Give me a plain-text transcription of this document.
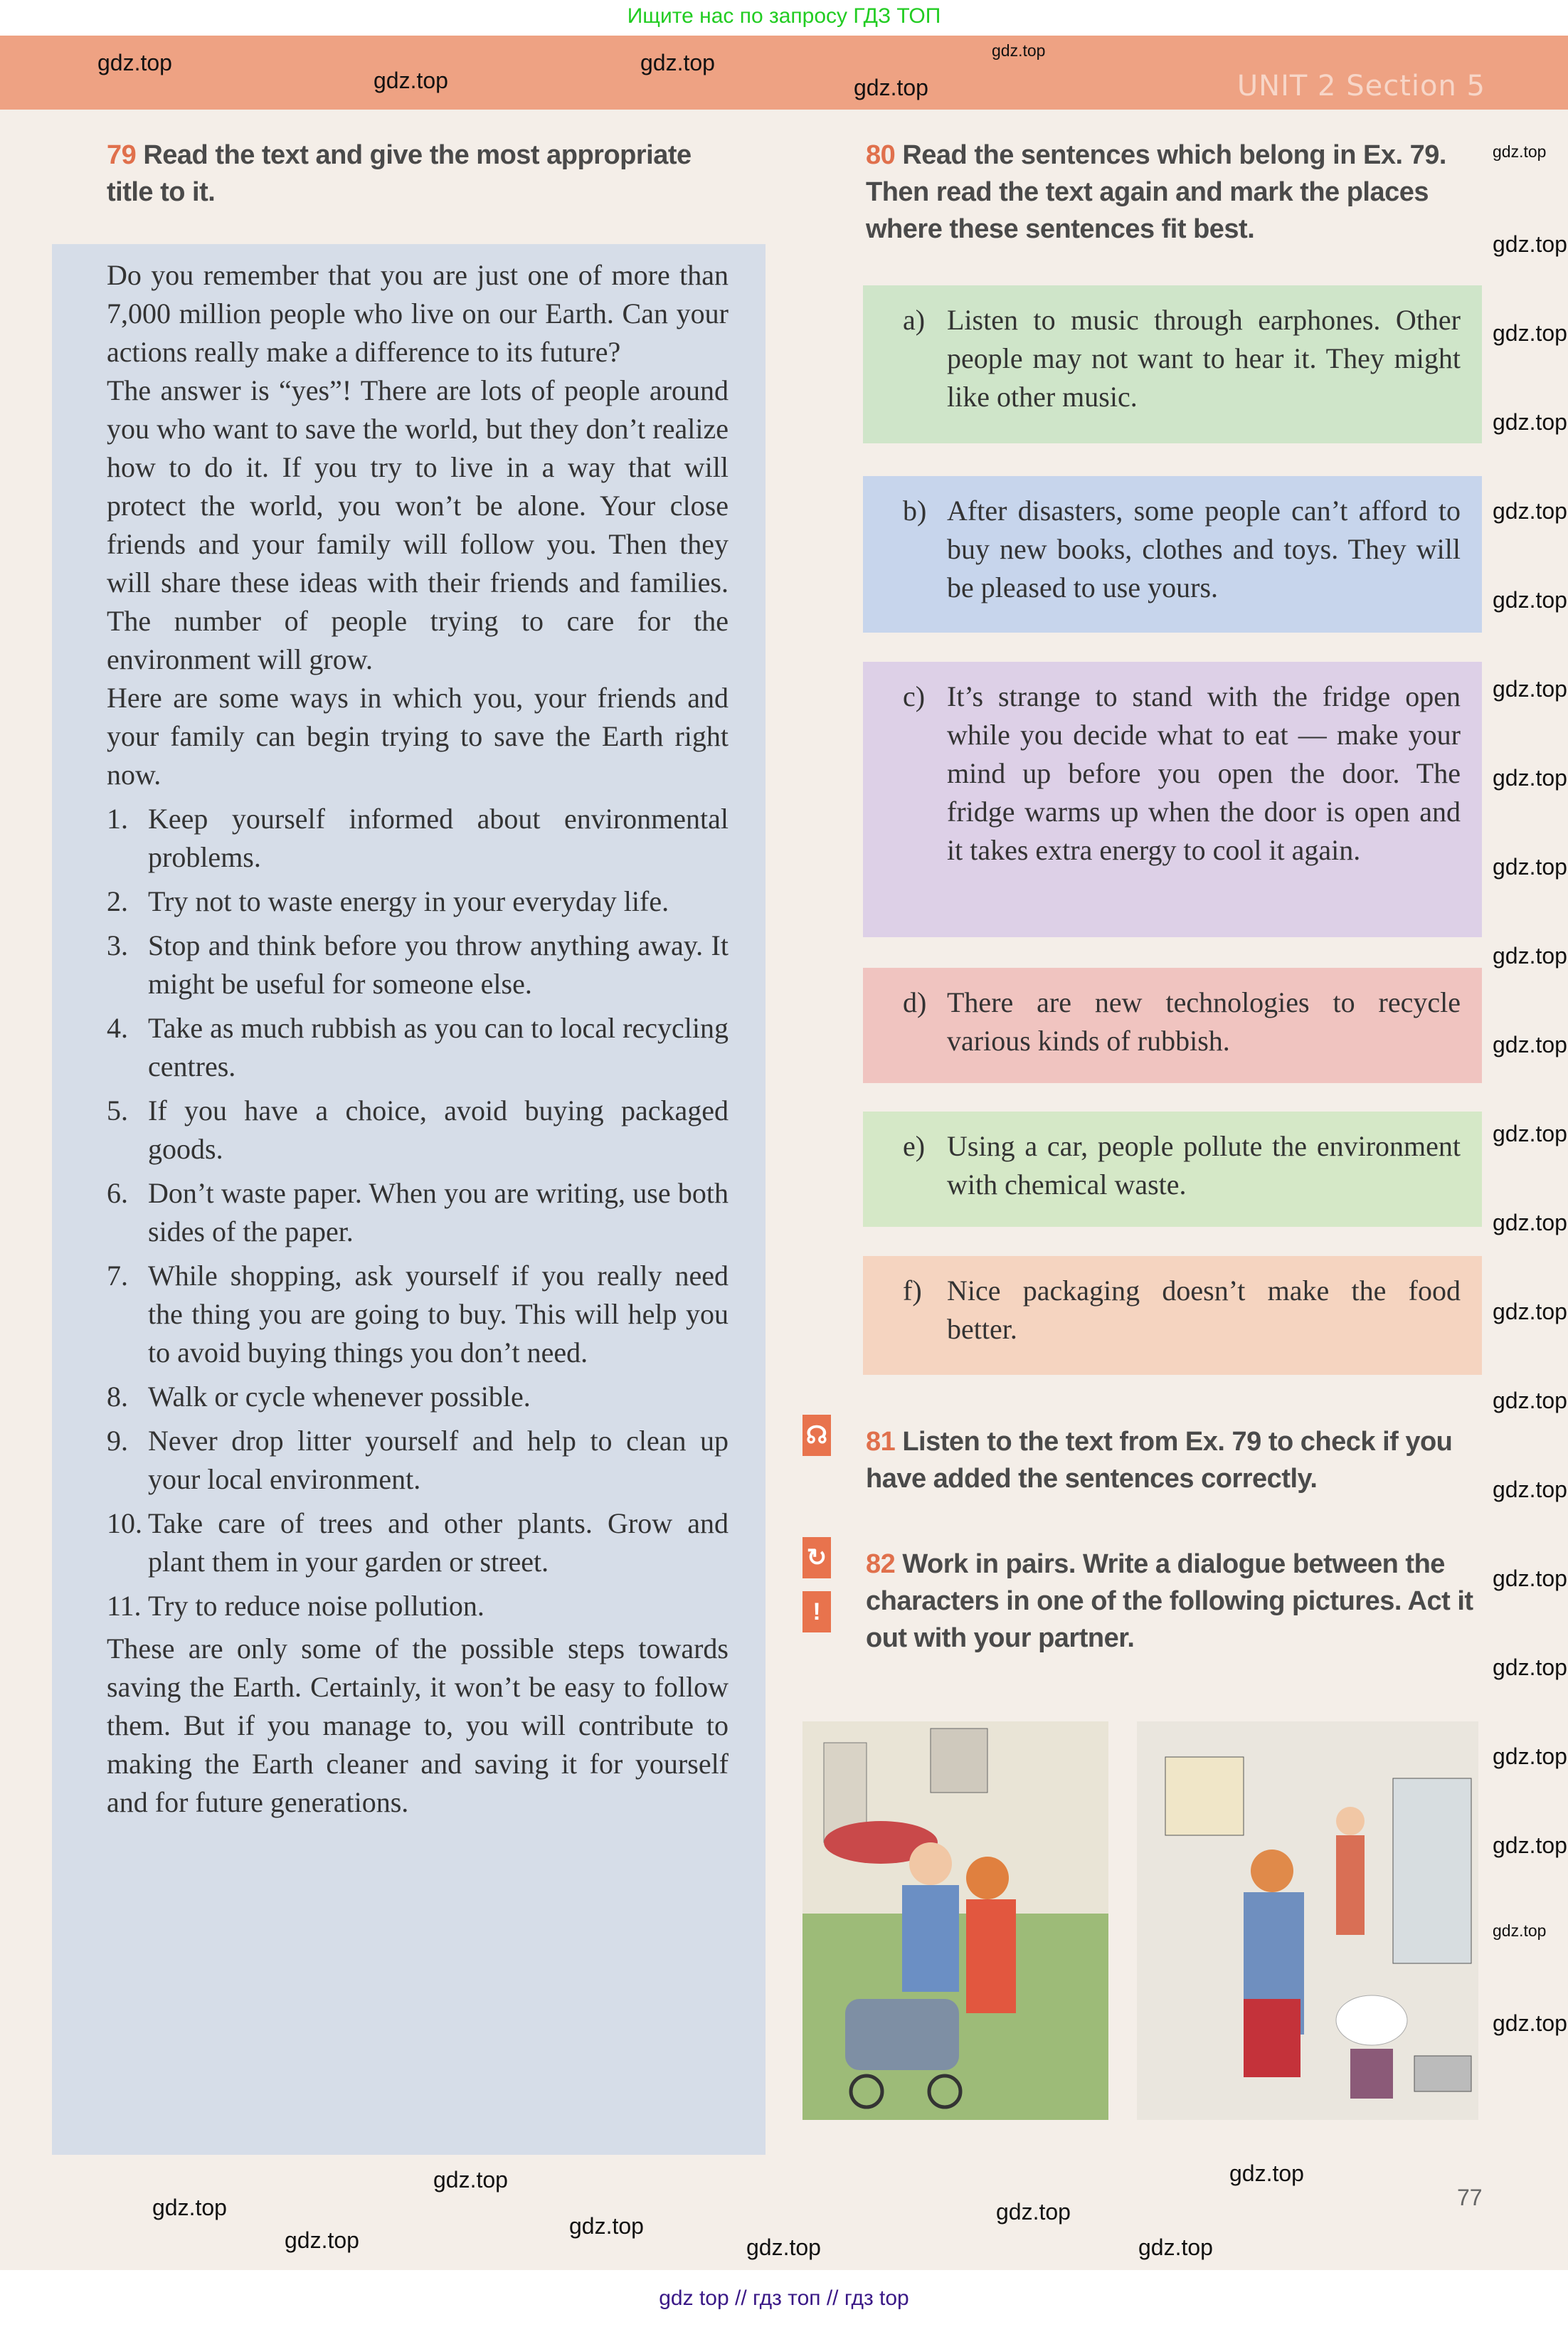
Ищите нас по запросу ГДЗ ТОП
UNIT 2 Section 5
79 Read the text and give the most appropriate title to it.

Do you remember that you are just one of more than 7,000 million people who live on our Earth. Can your actions really make a difference to its future?

The answer is “yes”! There are lots of people around you who want to save the world, but they don’t realize how to do it. If you try to live in a way that will protect the world, you won’t be alone. Your close friends and your family will follow you. Then they will share these ideas with their friends and families. The number of people trying to care for the environment will grow.

Here are some ways in which you, your friends and your family can begin trying to save the Earth right now.

1. Keep yourself informed about environmental problems.
2. Try not to waste energy in your everyday life.
3. Stop and think before you throw anything away. It might be useful for someone else.
4. Take as much rubbish as you can to local recycling centres.
5. If you have a choice, avoid buying packaged goods.
6. Don’t waste paper. When you are writing, use both sides of the paper.
7. While shopping, ask yourself if you really need the thing you are going to buy. This will help you to avoid buying things you don’t need.
8. Walk or cycle whenever possible.
9. Never drop litter yourself and help to clean up your local environment.
10. Take care of trees and other plants. Grow and plant them in your garden or street.
11. Try to reduce noise pollution.

These are only some of the possible steps towards saving the Earth. Certainly, it won’t be easy to follow them. But if you manage to, you will contribute to making the Earth cleaner and saving it for yourself and for future generations.

80 Read the sentences which belong in Ex. 79. Then read the text again and mark the places where these sentences fit best.
a) Listen to music through earphones. Other people may not want to hear it. They might like other music.
b) After disasters, some people can’t afford to buy new books, clothes and toys. They will be pleased to use yours.
c) It’s strange to stand with the fridge open while you decide what to eat — make your mind up before you open the door. The fridge warms up when the door is open and it takes extra energy to cool it again.
d) There are new technologies to recycle various kinds of rubbish.
e) Using a car, people pollute the environment with chemical waste.
f) Nice packaging doesn’t make the food better.
☊ 81 Listen to the text from Ex. 79 to check if you have added the sentences correctly.
↻
!
82 Work in pairs. Write a dialogue between the characters in one of the following pictures. Act it out with your partner.
77
gdz top // гдз топ // гдз top
gdz.top
gdz.top
gdz.top	gdz.top
gdz.top
gdz.top
gdz.top
gdz.top
gdz.top
gdz.top
gdz.top
gdz.top
gdz.top
gdz.top
gdz.top
gdz.top
gdz.top
gdz.top
gdz.top
gdz.top
gdz.top
gdz.top
gdz.top
gdz.top
gdz.top
gdz.top
gdz.top
gdz.top
gdz.top
gdz.top
gdz.top
gdz.top
gdz.top
gdz.top
gdz.top
